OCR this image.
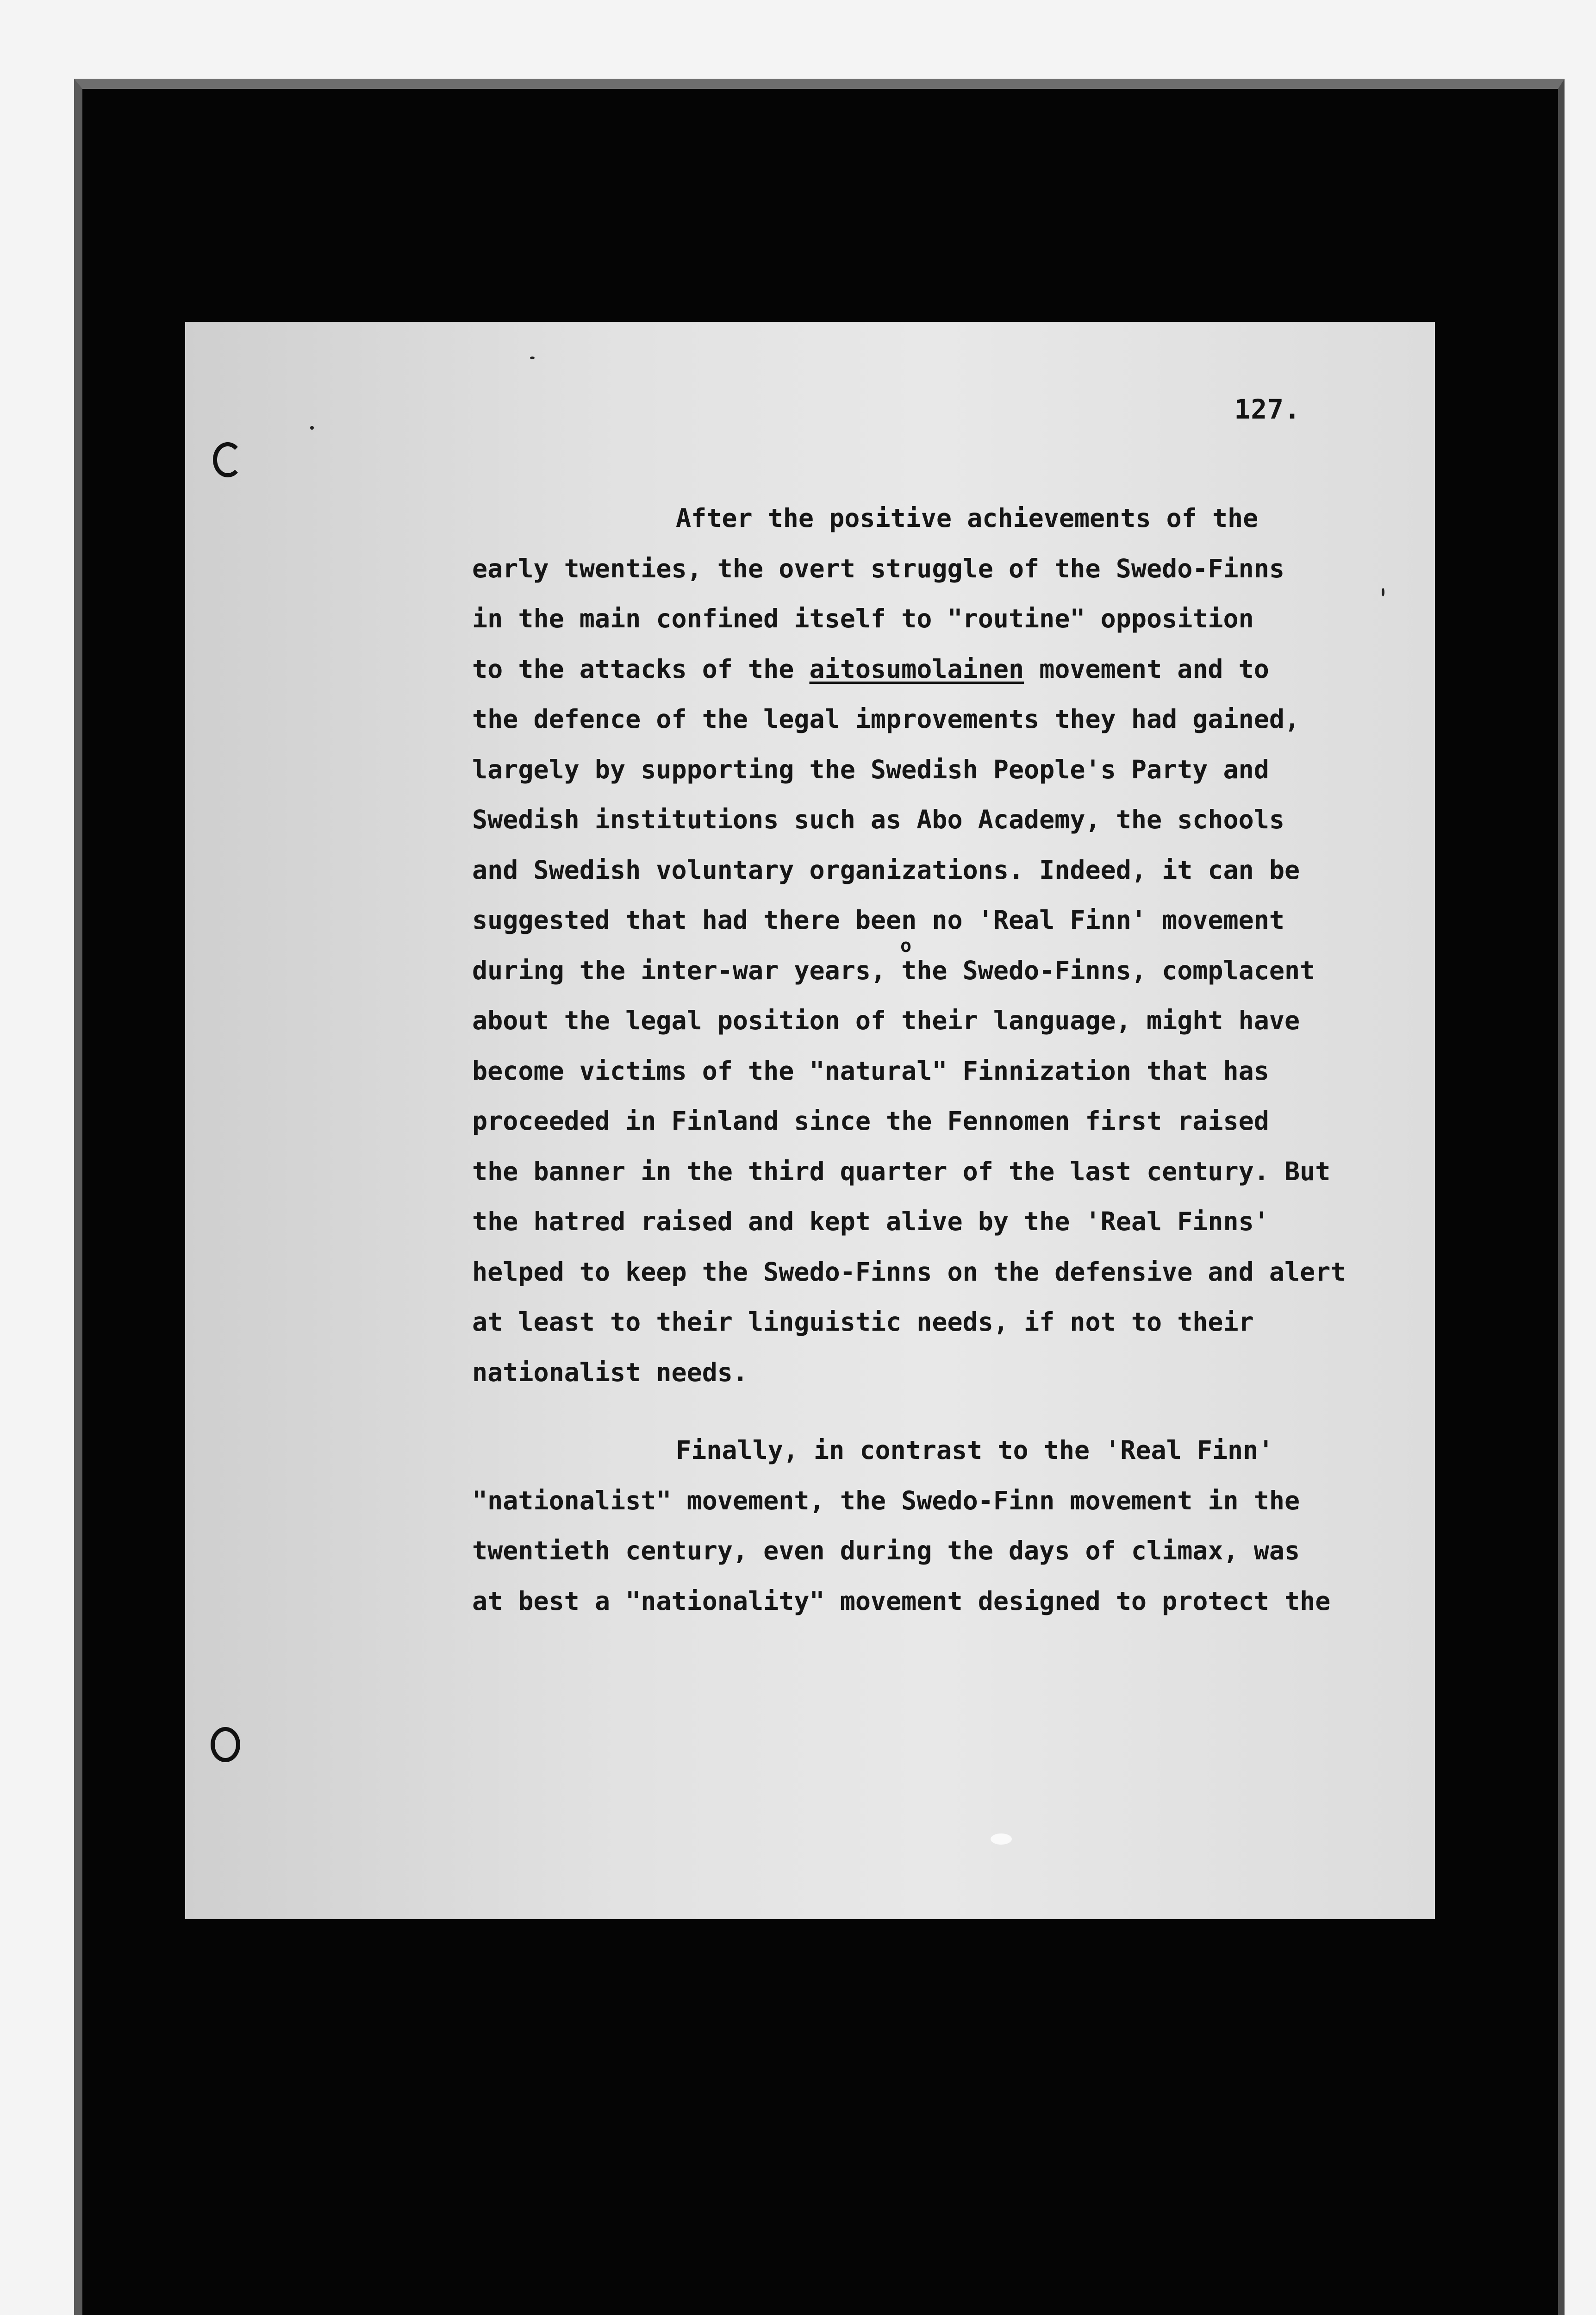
127.
o
After the positive achievements of the
early twenties, the overt struggle of the Swedo-Finns
in the main confined itself to "routine" opposition
to the attacks of the aitosumolainen movement and to
the defence of the legal improvements they had gained,
largely by supporting the Swedish People's Party and
Swedish institutions such as Abo Academy, the schools
and Swedish voluntary organizations. Indeed, it can be
suggested that had there been no 'Real Finn' movement
during the inter-war years, the Swedo-Finns, complacent
about the legal position of their language, might have
become victims of the "natural" Finnization that has
proceeded in Finland since the Fennomen first raised
the banner in the third quarter of the last century. But
the hatred raised and kept alive by the 'Real Finns'
helped to keep the Swedo-Finns on the defensive and alert
at least to their linguistic needs, if not to their
nationalist needs.
Finally, in contrast to the 'Real Finn'
"nationalist" movement, the Swedo-Finn movement in the
twentieth century, even during the days of climax, was
at best a "nationality" movement designed to protect the
